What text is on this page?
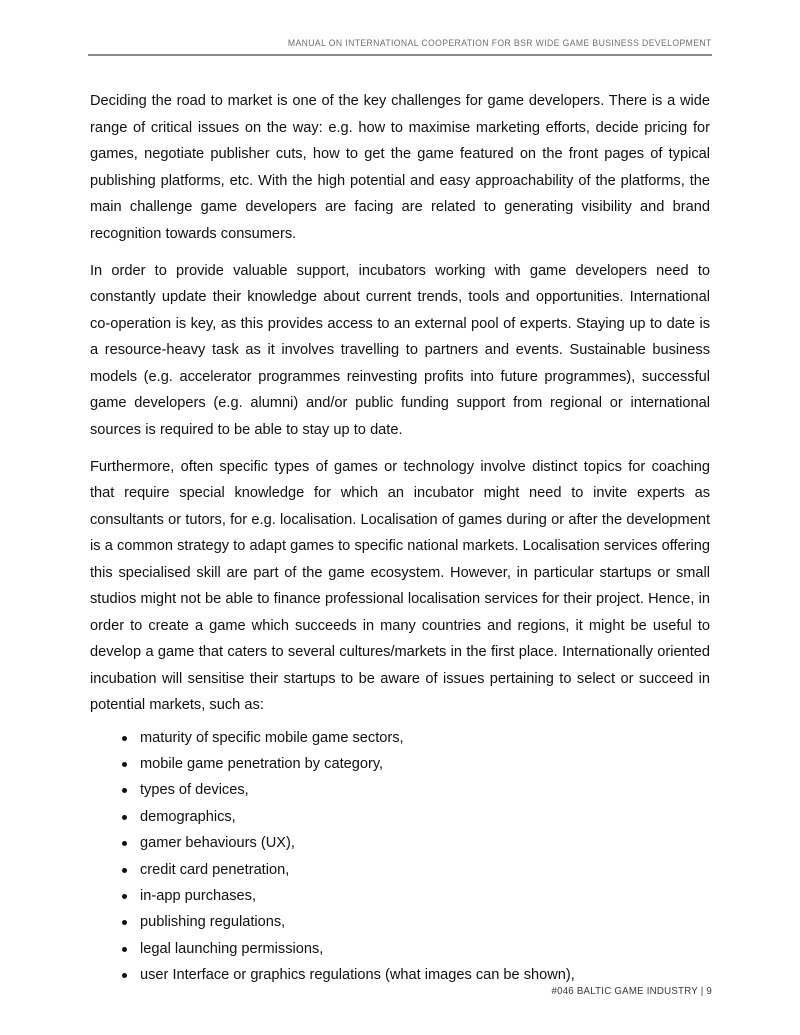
MANUAL ON INTERNATIONAL COOPERATION FOR BSR WIDE GAME BUSINESS DEVELOPMENT

Deciding the road to market is one of the key challenges for game developers. There is a wide range of critical issues on the way: e.g. how to maximise marketing efforts, decide pricing for games, negotiate publisher cuts, how to get the game featured on the front pages of typical publishing platforms, etc. With the high potential and easy approachability of the platforms, the main challenge game developers are facing are related to generating visibility and brand recognition towards consumers.

In order to provide valuable support, incubators working with game developers need to constantly update their knowledge about current trends, tools and opportunities. International co-operation is key, as this provides access to an external pool of experts. Staying up to date is a resource-heavy task as it involves travelling to partners and events. Sustainable business models (e.g. accelerator programmes reinvesting profits into future programmes), successful game developers (e.g. alumni) and/or public funding support from regional or international sources is required to be able to stay up to date.

Furthermore, often specific types of games or technology involve distinct topics for coaching that require special knowledge for which an incubator might need to invite experts as consultants or tutors, for e.g. localisation. Localisation of games during or after the development is a common strategy to adapt games to specific national markets. Localisation services offering this specialised skill are part of the game ecosystem. However, in particular startups or small studios might not be able to finance professional localisation services for their project. Hence, in order to create a game which succeeds in many countries and regions, it might be useful to develop a game that caters to several cultures/markets in the first place. Internationally oriented incubation will sensitise their startups to be aware of issues pertaining to select or succeed in potential markets, such as:

maturity of specific mobile game sectors,
mobile game penetration by category,
types of devices,
demographics,
gamer behaviours (UX),
credit card penetration,
in-app purchases,
publishing regulations,
legal launching permissions,
user Interface or graphics regulations (what images can be shown),
#046 BALTIC GAME INDUSTRY | 9
